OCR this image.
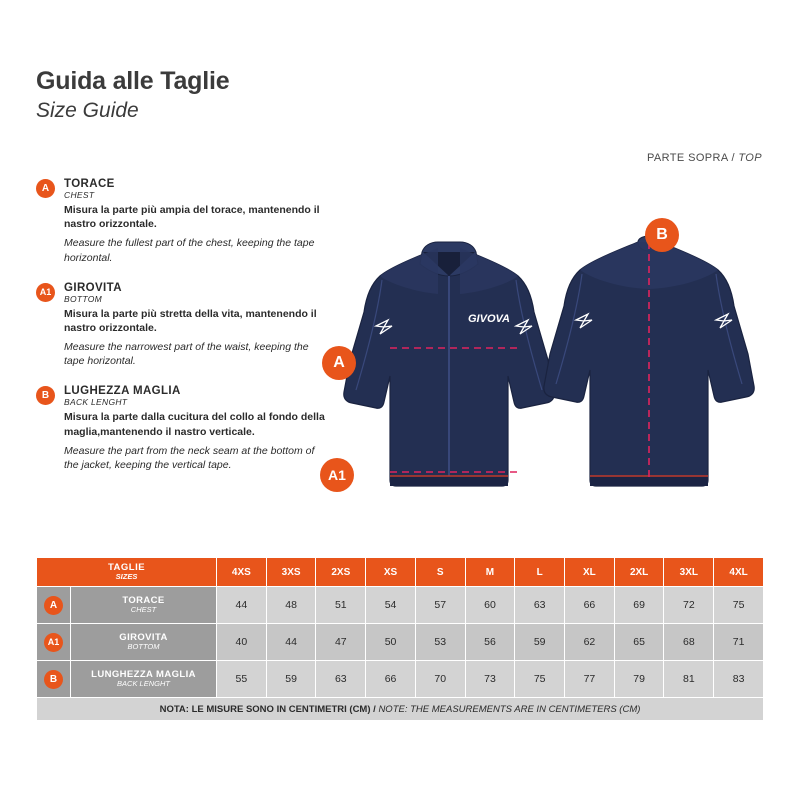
Guida alle Taglie
Size Guide
PARTE SOPRA / TOP
A	TORACE
CHEST
Misura la parte più ampia del torace, mantenendo il nastro orizzontale.
Measure the fullest part of the chest, keeping the tape horizontal.
A1	GIROVITA
BOTTOM
Misura la parte più stretta della vita, mantenendo il nastro orizzontale.
Measure the narrowest part of the waist, keeping the tape horizontal.
B	LUGHEZZA MAGLIA
BACK LENGHT
Misura la parte dalla cucitura del collo al fondo della maglia,mantenendo il nastro verticale.
Measure the part from the neck seam at the bottom of the jacket, keeping the vertical tape.
GIVOVA
A
A1
B
TAGLIE
SIZES		4XS	3XS	2XS	XS	S	M	L	XL	2XL	3XL	4XL
A	TORACE
CHEST	44	48	51	54	57	60	63	66	69	72	75
A1	GIROVITA
BOTTOM	40	44	47	50	53	56	59	62	65	68	71
B	LUNGHEZZA MAGLIA
BACK LENGHT	55	59	63	66	70	73	75	77	79	81	83
NOTA: LE MISURE SONO IN CENTIMETRI (CM) / NOTE: THE MEASUREMENTS ARE IN CENTIMETERS (CM)												
